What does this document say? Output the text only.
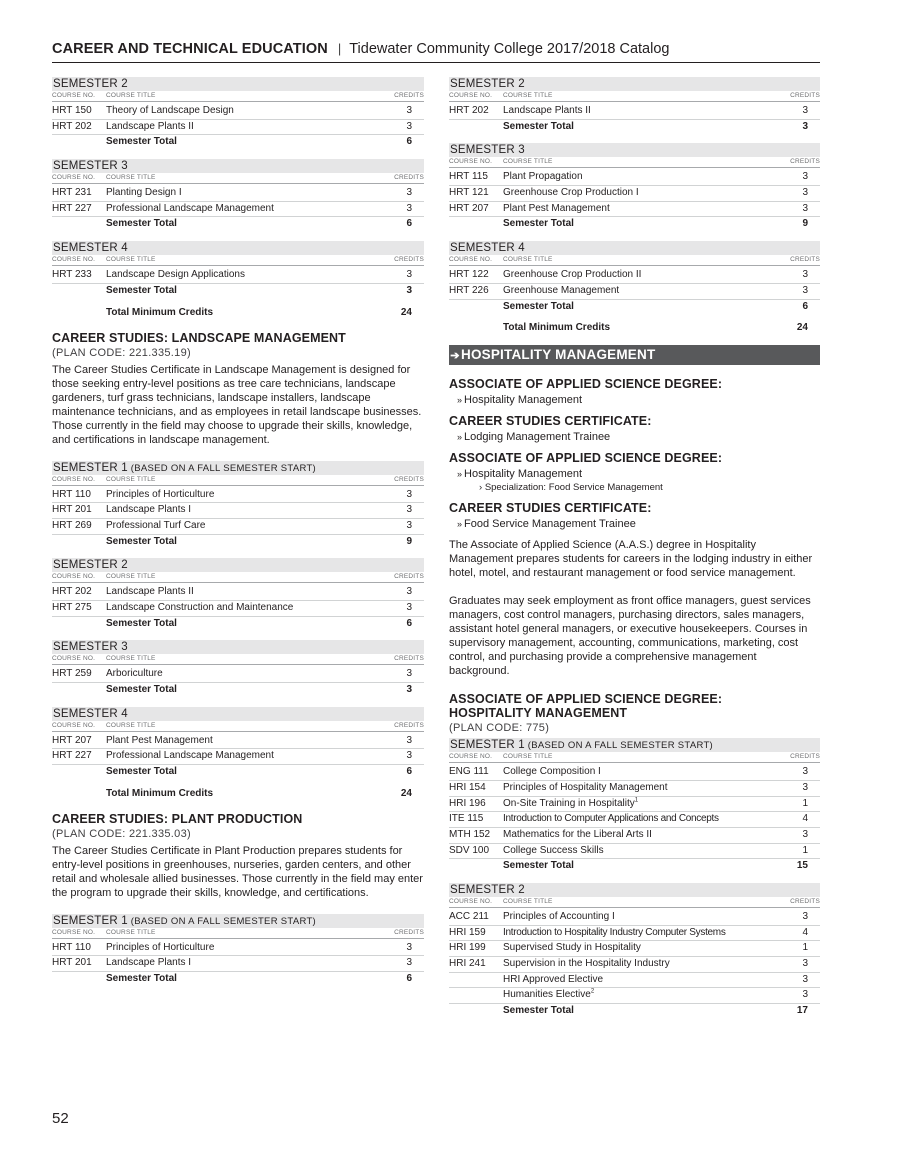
CAREER AND TECHNICAL EDUCATION | Tidewater Community College 2017/2018 Catalog
SEMESTER 2
COURSE NO.	COURSE TITLE	CREDITS
HRT 150	Theory of Landscape Design	3
HRT 202	Landscape Plants II	3
Semester Total	6
SEMESTER 3
COURSE NO.	COURSE TITLE	CREDITS
HRT 231	Planting Design I	3
HRT 227	Professional Landscape Management	3
Semester Total	6
SEMESTER 4
COURSE NO.	COURSE TITLE	CREDITS
HRT 233	Landscape Design Applications	3
Semester Total	3
Total Minimum Credits	24
CAREER STUDIES: LANDSCAPE MANAGEMENT
(PLAN CODE: 221.335.19)

The Career Studies Certificate in Landscape Management is designed for those seeking entry-level positions as tree care technicians, landscape gardeners, turf grass technicians, landscape installers, landscape maintenance technicians, and as employees in retail landscape businesses. Those currently in the field may choose to upgrade their skills, knowledge, and certifications in landscape management.

SEMESTER 1 (BASED ON A FALL SEMESTER START)
COURSE NO.	COURSE TITLE	CREDITS
HRT 110	Principles of Horticulture	3
HRT 201	Landscape Plants I	3
HRT 269	Professional Turf Care	3
Semester Total	9
SEMESTER 2
COURSE NO.	COURSE TITLE	CREDITS
HRT 202	Landscape Plants II	3
HRT 275	Landscape Construction and Maintenance	3
Semester Total	6
SEMESTER 3
COURSE NO.	COURSE TITLE	CREDITS
HRT 259	Arboriculture	3
Semester Total	3
SEMESTER 4
COURSE NO.	COURSE TITLE	CREDITS
HRT 207	Plant Pest Management	3
HRT 227	Professional Landscape Management	3
Semester Total	6
Total Minimum Credits	24
CAREER STUDIES: PLANT PRODUCTION
(PLAN CODE: 221.335.03)

The Career Studies Certificate in Plant Production prepares students for entry-level positions in greenhouses, nurseries, garden centers, and other retail and wholesale allied businesses. Those currently in the field may enter the program to upgrade their skills, knowledge, and certifications.

SEMESTER 1 (BASED ON A FALL SEMESTER START)
COURSE NO.	COURSE TITLE	CREDITS
HRT 110	Principles of Horticulture	3
HRT 201	Landscape Plants I	3
Semester Total	6
SEMESTER 2
COURSE NO.	COURSE TITLE	CREDITS
HRT 202	Landscape Plants II	3
Semester Total	3
SEMESTER 3
COURSE NO.	COURSE TITLE	CREDITS
HRT 115	Plant Propagation	3
HRT 121	Greenhouse Crop Production I	3
HRT 207	Plant Pest Management	3
Semester Total	9
SEMESTER 4
COURSE NO.	COURSE TITLE	CREDITS
HRT 122	Greenhouse Crop Production II	3
HRT 226	Greenhouse Management	3
Semester Total	6
Total Minimum Credits	24
➔HOSPITALITY MANAGEMENT
ASSOCIATE OF APPLIED SCIENCE DEGREE:
» Hospitality Management
CAREER STUDIES CERTIFICATE:
» Lodging Management Trainee
ASSOCIATE OF APPLIED SCIENCE DEGREE:
» Hospitality Management
› Specialization: Food Service Management
CAREER STUDIES CERTIFICATE:
» Food Service Management Trainee

The Associate of Applied Science (A.A.S.) degree in Hospitality Management prepares students for careers in the lodging industry in either hotel, motel, and restaurant management or food service management.

Graduates may seek employment as front office managers, guest services managers, cost control managers, purchasing directors, sales managers, assistant hotel general managers, or executive housekeepers. Courses in supervisory management, accounting, communications, marketing, cost control, and purchasing provide a comprehensive management background.

ASSOCIATE OF APPLIED SCIENCE DEGREE:
HOSPITALITY MANAGEMENT
(PLAN CODE: 775)
SEMESTER 1 (BASED ON A FALL SEMESTER START)
COURSE NO.	COURSE TITLE	CREDITS
ENG 111	College Composition I	3
HRI 154	Principles of Hospitality Management	3
HRI 196	On-Site Training in Hospitality$^1$	1
ITE 115	Introduction to Computer Applications and Concepts	4
MTH 152	Mathematics for the Liberal Arts II	3
SDV 100	College Success Skills	1
Semester Total	15
SEMESTER 2
COURSE NO.	COURSE TITLE	CREDITS
ACC 211	Principles of Accounting I	3
HRI 159	Introduction to Hospitality Industry Computer Systems	4
HRI 199	Supervised Study in Hospitality	1
HRI 241	Supervision in the Hospitality Industry	3
HRI Approved Elective	3
Humanities Elective$^2$	3
Semester Total	17
52
